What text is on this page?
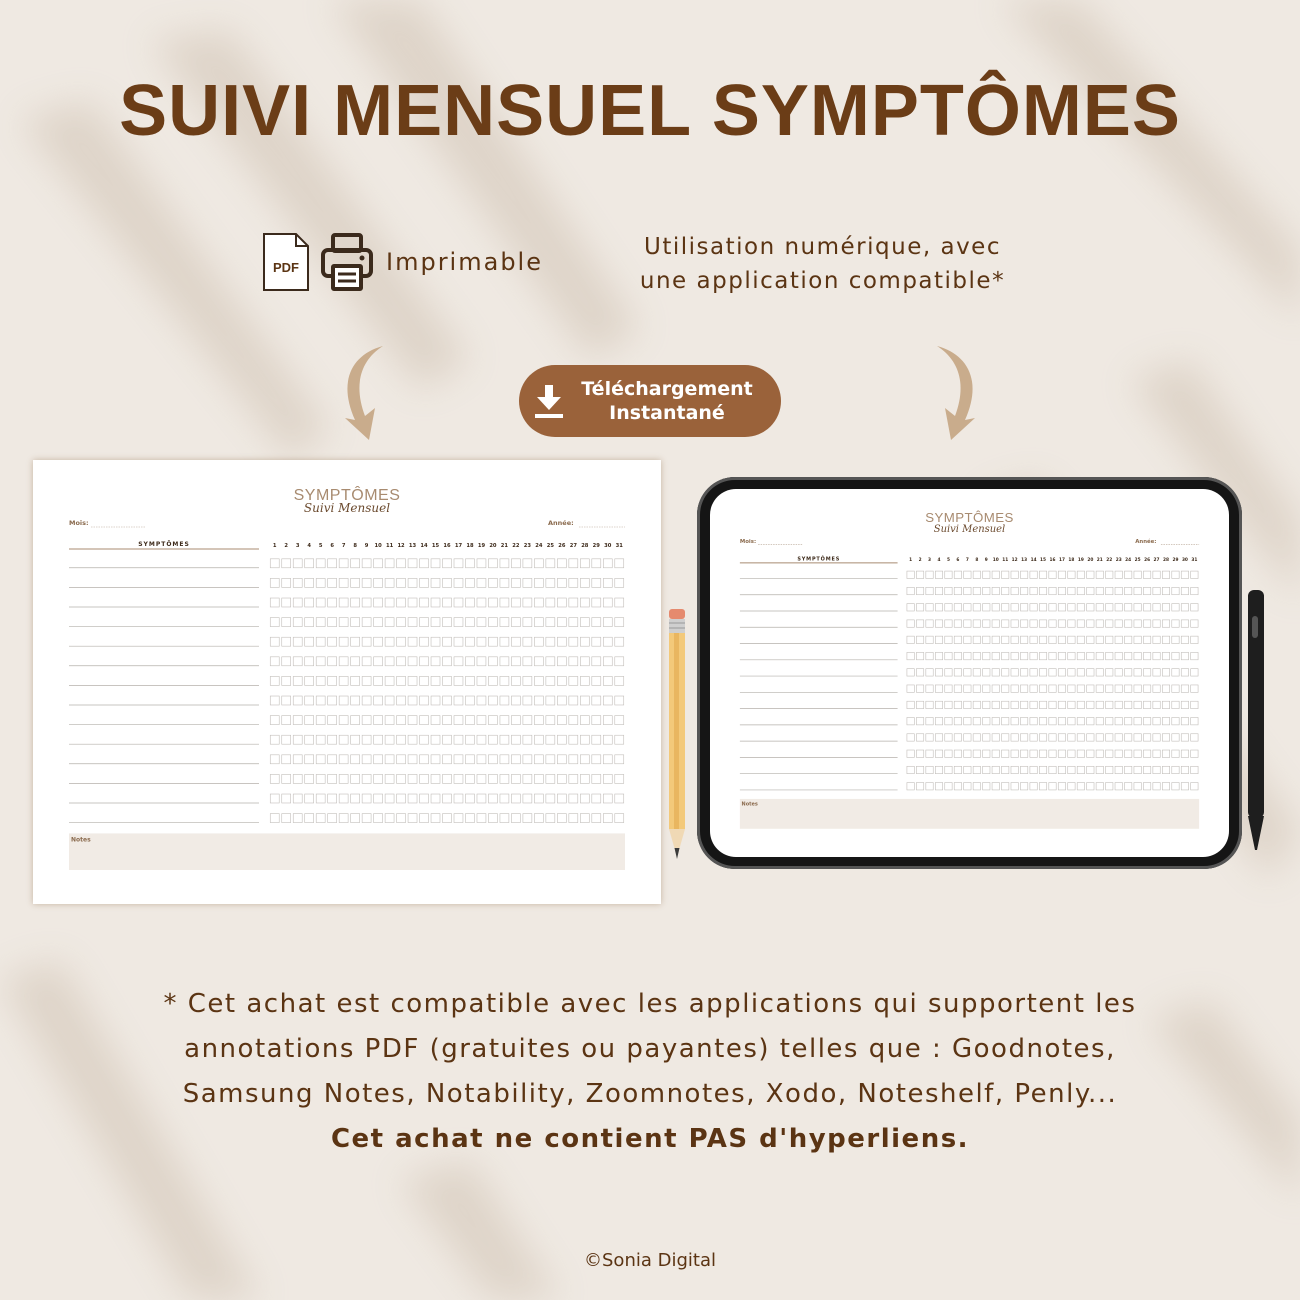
SUIVI MENSUEL SYMPTÔMES
PDF	Imprimable
Utilisation numérique, avec
une application compatible*
Téléchargement
Instantané
SYMPTÔMES
Suivi Mensuel
Mois:	Année:
SYMPTÔMES	1 2 3 4 5 6 7 8 9 10 11 12 13 14 15 16 17 18 19 20 21 22 23 24 25 26 27 28 29 30 31
Notes
SYMPTÔMES
Suivi Mensuel
Mois:	Année:
SYMPTÔMES	1 2 3 4 5 6 7 8 9 10 11 12 13 14 15 16 17 18 19 20 21 22 23 24 25 26 27 28 29 30 31
Notes

* Cet achat est compatible avec les applications qui supportent les

annotations PDF (gratuites ou payantes) telles que : Goodnotes,

Samsung Notes, Notability, Zoomnotes, Xodo, Noteshelf, Penly...

Cet achat ne contient PAS d'hyperliens.

©Sonia Digital
